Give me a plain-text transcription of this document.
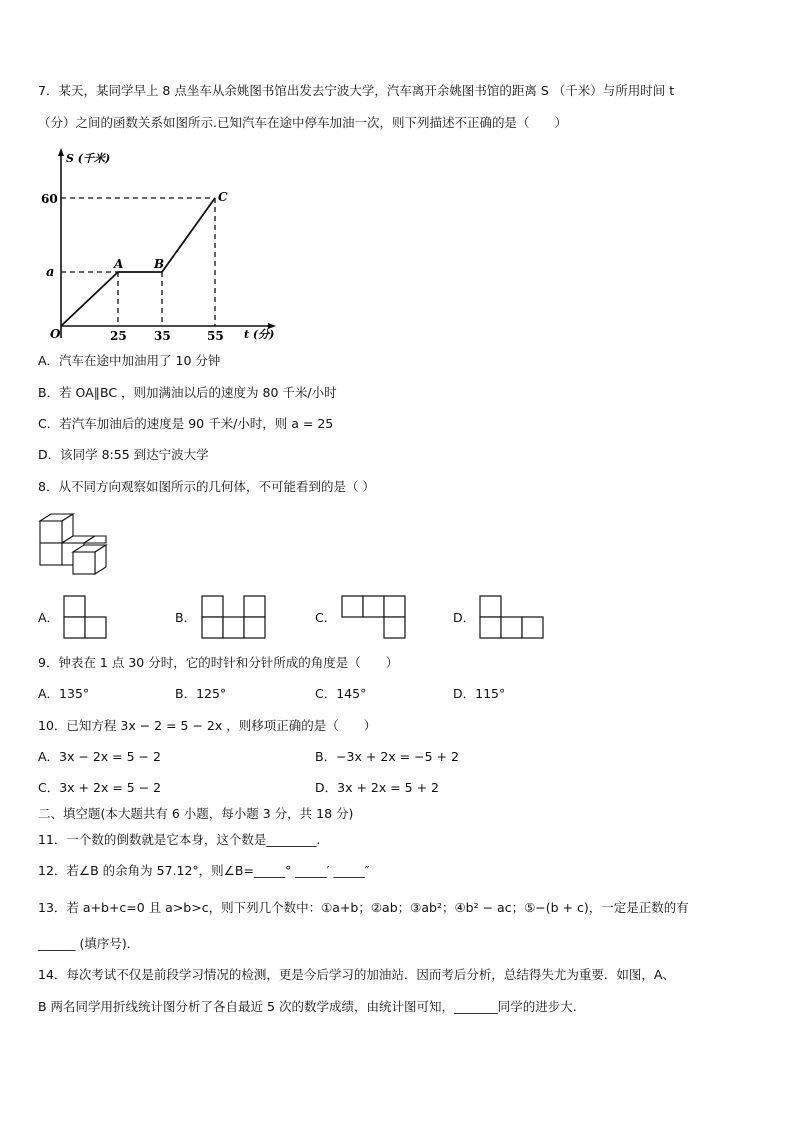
7．某天，某同学早上 8 点坐车从余姚图书馆出发去宁波大学，汽车离开余姚图书馆的距离 S （千米）与所用时间 t
（分）之间的函数关系如图所示.已知汽车在途中停车加油一次，则下列描述不正确的是（　　）
S (千米)
t (分)
O
60
a
25 35	55
A	B
C
A．汽车在途中加油用了 10 分钟
B．若 OA∥BC ，则加满油以后的速度为 80 千米/小时
C．若汽车加油后的速度是 90 千米/小时，则 a = 25
D．该同学 8:55 到达宁波大学
8．从不同方向观察如图所示的几何体，不可能看到的是（ ）
A．	B．	C．	D．
9．钟表在 1 点 30 分时，它的时针和分针所成的角度是（　　）
A．135°	B．125°	C．145°	D．115°
10．已知方程 3x − 2 = 5 − 2x ，则移项正确的是（　　）
A．3x − 2x = 5 − 2	B．−3x + 2x = −5 + 2
C．3x + 2x = 5 − 2	D．3x + 2x = 5 + 2
二、填空题(本大题共有 6 小题，每小题 3 分，共 18 分)
11．一个数的倒数就是它本身，这个数是________.
12．若∠B 的余角为 57.12°，则∠B=_____° _____′ _____″
13．若 a+b+c=0 且 a>b>c，则下列几个数中：①a+b；②ab；③ab²；④b² − ac；⑤−(b + c)，一定是正数的有
______ (填序号)．
14．每次考试不仅是前段学习情况的检测，更是今后学习的加油站．因而考后分析，总结得失尤为重要．如图，A、
B 两名同学用折线统计图分析了各自最近 5 次的数学成绩，由统计图可知，_______同学的进步大.
